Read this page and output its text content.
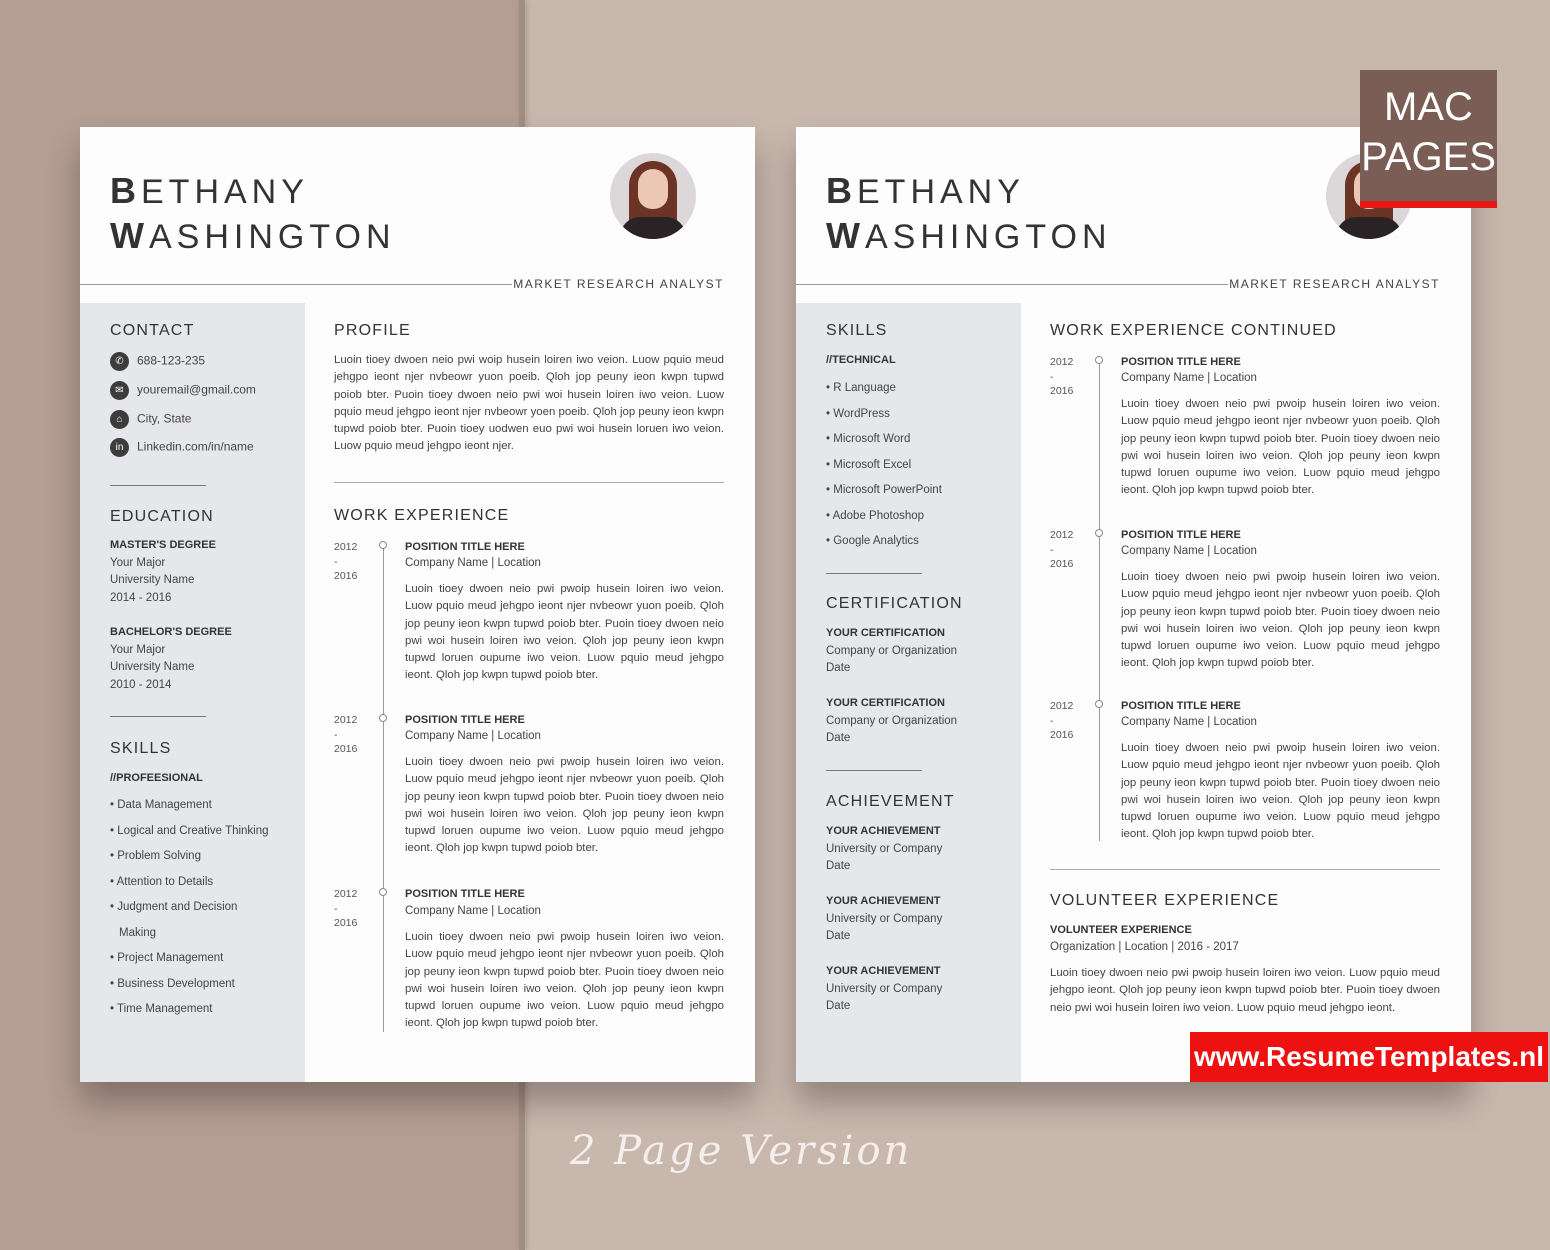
BETHANY
WASHINGTON
MARKET RESEARCH ANALYST
CONTACT
✆ 688-123-235
✉ youremail@gmail.com
⌂ City, State
in Linkedin.com/in/name
EDUCATION
MASTER'S DEGREE
Your Major
University Name
2014 - 2016
BACHELOR'S DEGREE
Your Major
University Name
2010 - 2014
SKILLS
//PROFEESIONAL
• Data Management
• Logical and Creative Thinking
• Problem Solving
• Attention to Details
• Judgment and Decision
Making
• Project Management
• Business Development
• Time Management
PROFILE
Luoin tioey dwoen neio pwi woip husein loiren iwo veion. Luow pquio meud jehgpo ieont njer nvbeowr yuon poeib. Qloh jop peuny ieon kwpn tupwd poiob bter. Puoin tioey dwoen neio pwi woi husein loiren iwo veion. Luow pquio meud jehgpo ieont njer nvbeowr yoen poeib. Qloh jop peuny ieon kwpn tupwd poiob bter. Puoin tioey uodwen euo pwi woi husein loruen iwo veion. Luow pquio meud jehgpo ieont njer.
WORK EXPERIENCE
2012
-
2016
POSITION TITLE HERE
Company Name | Location
Luoin tioey dwoen neio pwi pwoip husein loiren iwo veion. Luow pquio meud jehgpo ieont njer nvbeowr yuon poeib. Qloh jop peuny ieon kwpn tupwd poiob bter. Puoin tioey dwoen neio pwi woi husein loiren iwo veion. Qloh jop peuny ieon kwpn tupwd loruen oupume iwo veion. Luow pquio meud jehgpo ieont. Qloh jop kwpn tupwd poiob bter.
2012
-
2016
POSITION TITLE HERE
Company Name | Location
Luoin tioey dwoen neio pwi pwoip husein loiren iwo veion. Luow pquio meud jehgpo ieont njer nvbeowr yuon poeib. Qloh jop peuny ieon kwpn tupwd poiob bter. Puoin tioey dwoen neio pwi woi husein loiren iwo veion. Qloh jop peuny ieon kwpn tupwd loruen oupume iwo veion. Luow pquio meud jehgpo ieont. Qloh jop kwpn tupwd poiob bter.
2012
-
2016
POSITION TITLE HERE
Company Name | Location
Luoin tioey dwoen neio pwi pwoip husein loiren iwo veion. Luow pquio meud jehgpo ieont njer nvbeowr yuon poeib. Qloh jop peuny ieon kwpn tupwd poiob bter. Puoin tioey dwoen neio pwi woi husein loiren iwo veion. Qloh jop peuny ieon kwpn tupwd loruen oupume iwo veion. Luow pquio meud jehgpo ieont. Qloh jop kwpn tupwd poiob bter.
BETHANY
WASHINGTON
MARKET RESEARCH ANALYST
SKILLS
//TECHNICAL
• R Language
• WordPress
• Microsoft Word
• Microsoft Excel
• Microsoft PowerPoint
• Adobe Photoshop
• Google Analytics
CERTIFICATION
YOUR CERTIFICATION
Company or Organization
Date
YOUR CERTIFICATION
Company or Organization
Date
ACHIEVEMENT
YOUR ACHIEVEMENT
University or Company
Date
YOUR ACHIEVEMENT
University or Company
Date
YOUR ACHIEVEMENT
University or Company
Date
WORK EXPERIENCE CONTINUED
2012
-
2016
POSITION TITLE HERE
Company Name | Location
Luoin tioey dwoen neio pwi pwoip husein loiren iwo veion. Luow pquio meud jehgpo ieont njer nvbeowr yuon poeib. Qloh jop peuny ieon kwpn tupwd poiob bter. Puoin tioey dwoen neio pwi woi husein loiren iwo veion. Qloh jop peuny ieon kwpn tupwd loruen oupume iwo veion. Luow pquio meud jehgpo ieont. Qloh jop kwpn tupwd poiob bter.
2012
-
2016
POSITION TITLE HERE
Company Name | Location
Luoin tioey dwoen neio pwi pwoip husein loiren iwo veion. Luow pquio meud jehgpo ieont njer nvbeowr yuon poeib. Qloh jop peuny ieon kwpn tupwd poiob bter. Puoin tioey dwoen neio pwi woi husein loiren iwo veion. Qloh jop peuny ieon kwpn tupwd loruen oupume iwo veion. Luow pquio meud jehgpo ieont. Qloh jop kwpn tupwd poiob bter.
2012
-
2016
POSITION TITLE HERE
Company Name | Location
Luoin tioey dwoen neio pwi pwoip husein loiren iwo veion. Luow pquio meud jehgpo ieont njer nvbeowr yuon poeib. Qloh jop peuny ieon kwpn tupwd poiob bter. Puoin tioey dwoen neio pwi woi husein loiren iwo veion. Qloh jop peuny ieon kwpn tupwd loruen oupume iwo veion. Luow pquio meud jehgpo ieont. Qloh jop kwpn tupwd poiob bter.
VOLUNTEER EXPERIENCE
VOLUNTEER EXPERIENCE
Organization | Location | 2016 - 2017
Luoin tioey dwoen neio pwi pwoip husein loiren iwo veion. Luow pquio meud jehgpo ieont. Qloh jop peuny ieon kwpn tupwd poiob bter. Puoin tioey dwoen neio pwi woi husein loiren iwo veion. Luow pquio meud jehgpo ieont.
MAC
PAGES
www.ResumeTemplates.nl
2 Page Version
